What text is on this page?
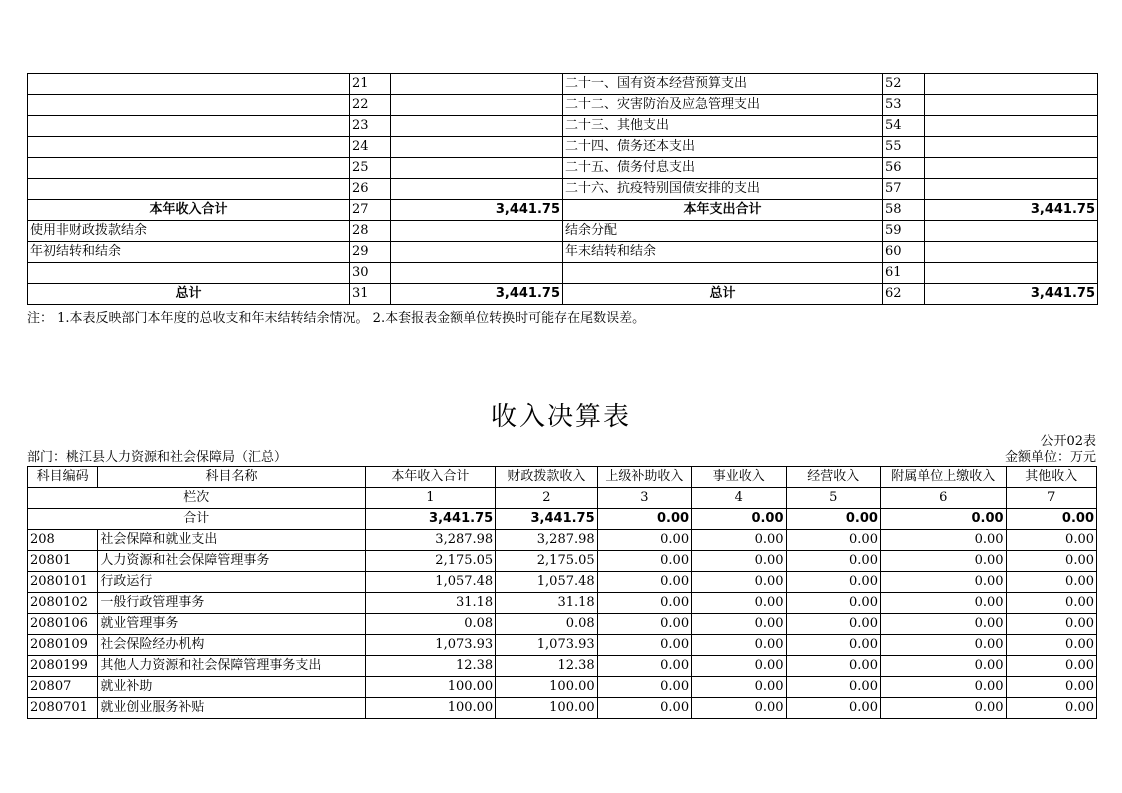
	21		二十一、国有资本经营预算支出	52	
	22		二十二、灾害防治及应急管理支出	53	
	23		二十三、其他支出	54	
	24		二十四、债务还本支出	55	
	25		二十五、债务付息支出	56	
	26		二十六、抗疫特别国债安排的支出	57	
本年收入合计	27	3,441.75	本年支出合计	58	3,441.75
使用非财政拨款结余	28		结余分配	59	
年初结转和结余	29		年末结转和结余	60	
	30			61	
总计	31	3,441.75	总计	62	3,441.75
注： 1.本表反映部门本年度的总收支和年末结转结余情况。 2.本套报表金额单位转换时可能存在尾数误差。
收入决算表
公开02表
部门：桃江县人力资源和社会保障局（汇总）	金额单位：万元
科目编码	科目名称	本年收入合计	财政拨款收入	上级补助收入	事业收入	经营收入	附属单位上缴收入	其他收入
栏次		1	2	3	4	5	6	7
合计		3,441.75	3,441.75	0.00	0.00	0.00	0.00	0.00
208	社会保障和就业支出	3,287.98	3,287.98	0.00	0.00	0.00	0.00	0.00
20801	人力资源和社会保障管理事务	2,175.05	2,175.05	0.00	0.00	0.00	0.00	0.00
2080101	行政运行	1,057.48	1,057.48	0.00	0.00	0.00	0.00	0.00
2080102	一般行政管理事务	31.18	31.18	0.00	0.00	0.00	0.00	0.00
2080106	就业管理事务	0.08	0.08	0.00	0.00	0.00	0.00	0.00
2080109	社会保险经办机构	1,073.93	1,073.93	0.00	0.00	0.00	0.00	0.00
2080199	其他人力资源和社会保障管理事务支出	12.38	12.38	0.00	0.00	0.00	0.00	0.00
20807	就业补助	100.00	100.00	0.00	0.00	0.00	0.00	0.00
2080701	就业创业服务补贴	100.00	100.00	0.00	0.00	0.00	0.00	0.00
